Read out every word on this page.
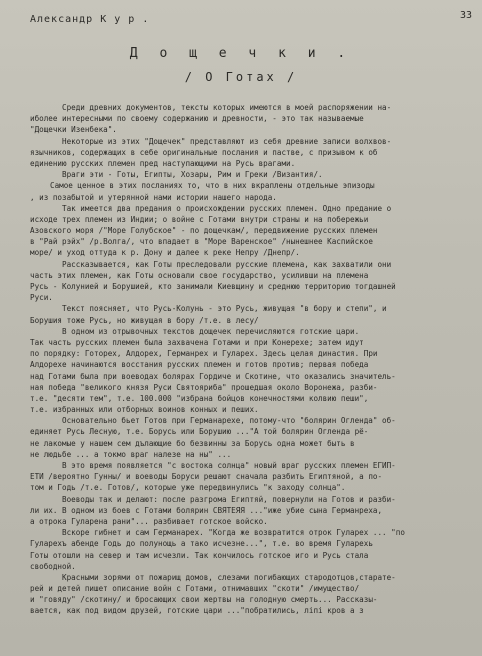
Александр К у р .	33
Д о щ е ч к и .
/ О Готах /
Среди древних документов, тексты которых имеются в моей распоряжении на-
иболее интересными по своему содержанию и древности, - это так называемые
"Дощечки Изенбека".
Некоторые из этих "Дощечек" представляют из себя древние записи волхвов-
язычников, содержащих в себе оригинальные послания и пастве, с призывом к об
единению русских племен пред наступающими на Русь врагами.
Враги эти - Готы, Египты, Хозары, Рим и Греки /Византия/.
Самое ценное в этих посланиях то, что в них вкраплены отдельные эпизоды
, из позабытой и утерянной нами истории нашего народа.
Так имеется два предания о происхождении русских племен. Одно предание о
исходе трех племен из Индии; о войне с Готами внутри страны и на побережьи
Азовского моря /"Море Голубское" - по дощечкам/, передвижение русских племен
в "Рай рэйх" /р.Волга/, что впадает в "Море Варенское" /нынешнее Каспийское
море/ и уход оттуда к р. Дону и далее к реке Непру /Днепр/.
Рассказывается, как Готы преследовали русские племена, как захватили они
часть этих племен, как Готы основали свое государство, усиливши на племена
Русь - Колунией и Борушией, кто занимали Киевщину и среднюю территорию тогдашней
Руси.
Текст поясняет, что Русь-Колунь - это Русь, живущая "в бору и степи", и
Борушия тоже Русь, но живущая в бору /т.е. в лесу/
В одном из отрывочных текстов дощечек перечисляются готские цари.
Так часть русских племен была захвачена Готами и при Конерехе; затем идут
по порядку: Готорех, Алдорех, Германрех и Гуларех. Здесь целая династия. При
Алдорехе начинаются восстания русских племен и готов против; первая победа
над Готами была при воеводах боляpах Гордиче и Скотине, что оказались значитель-
ная победа "великого князя Руси Святояриба" прошедшая около Воронежа, разби-
т.е. "десяти тем", т.е. 100.000 "избрана бойцов конечностями колвию пеши",
т.е. избранных или отборных воинов конных и пеших.
Основательно бьет Готов при Германарехе, потому-что "боляpин Огленда" об-
единяет Русь Лесную, т.е. Борусь или Борушию ..."А той боляpин Огленда рё-
не лакомые у нашем сем дълающие бо безвинны за Борусь одна может быть в
не людьбе ... а токмо враг налезе на ны" ...
В это время появляется "с востока солнца" новый враг русских племен ЕГИП-
ЕТИ /вероятно Гунны/ и воеводы Боруси решают сначала разбить Египтяной, а по-
том и Годь /т.е. Готов/, которые уже передвинулись "к заходу солнца".
Воеводы так и делают: после разгрома Египтяй, повернули на Готов и разби-
ли их. В одном из боев с Готами боляpин СВЯТЕЯЯ ..."иже убие сына Германреха,
а отрока Гуларена рани"... разбивает готское войско.
Вскоре гибнет и сам Германарех. "Когда же возвратится отрок Гуларех ... "по
Гуларехъ абенде Годь до полунощь а тако исчезне...", т.е. во время Гуларехь
Готы отошли на север и там исчезли. Так кончилось готское иго и Русь стала
свободной.
Красными зорями от пожарищ домов, слезами погибающих стародотцов,старате-
рей и детей пишет описание войн с Готами, отнимавших "скоти" /имущество/
и "говяду" /скотину/ и бросающих свои жертвы на голодную смерть... Рассказы-
вается, как под видом друзей, готские цари ..."побратились, ліпі кров а з
